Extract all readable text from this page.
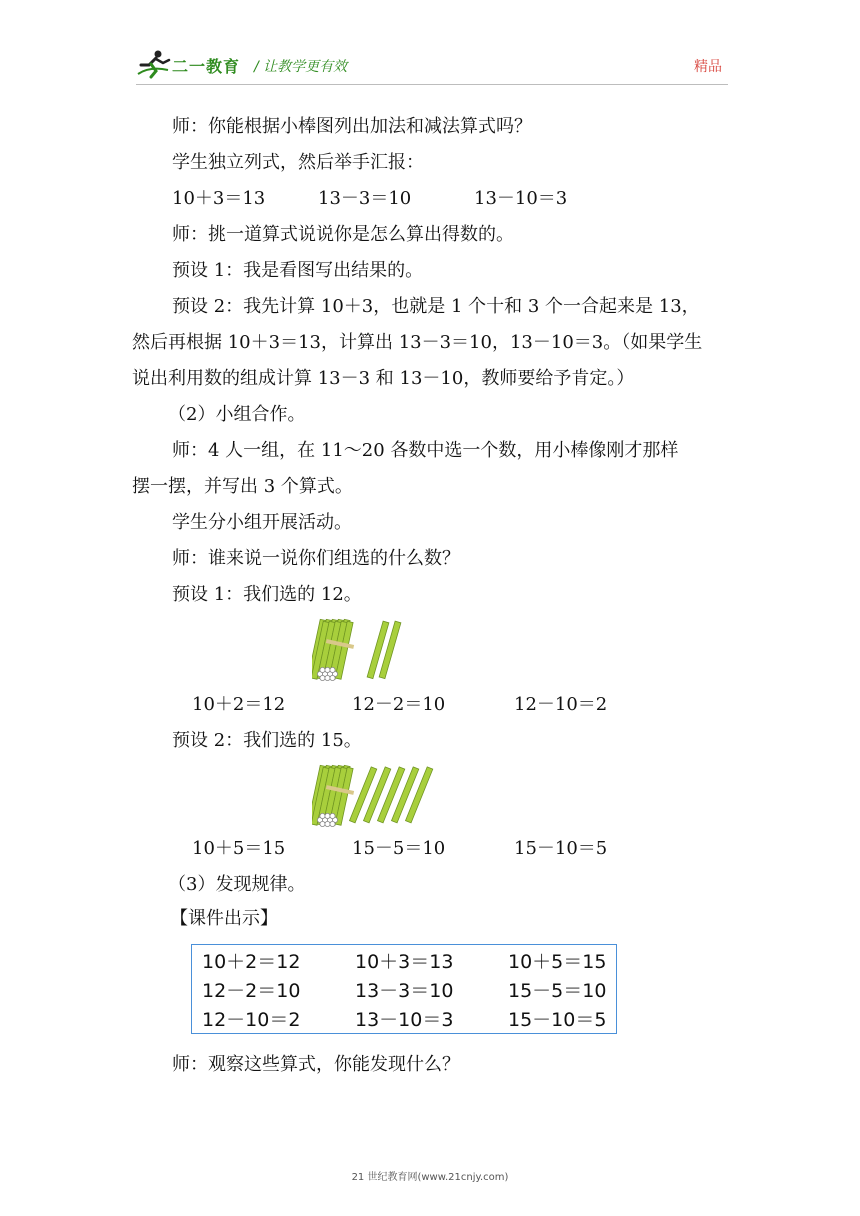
二一教育 / 让教学更有效	精品
师：你能根据小棒图列出加法和减法算式吗？
学生独立列式，然后举手汇报：
10＋3＝13	13－3＝10	13－10＝3
师：挑一道算式说说你是怎么算出得数的。
预设 1：我是看图写出结果的。
预设 2：我先计算 10＋3，也就是 1 个十和 3 个一合起来是 13，
然后再根据 10＋3＝13，计算出 13－3＝10，13－10＝3。（如果学生
说出利用数的组成计算 13－3 和 13－10，教师要给予肯定。）
（2）小组合作。
师：4 人一组，在 11～20 各数中选一个数，用小棒像刚才那样
摆一摆，并写出 3 个算式。
学生分小组开展活动。
师：谁来说一说你们组选的什么数？
预设 1：我们选的 12。
10＋2＝12	12－2＝10	12－10＝2
预设 2：我们选的 15。
10＋5＝15	15－5＝10	15－10＝5
（3）发现规律。
【课件出示】
10＋2＝12	10＋3＝13	10＋5＝15
12－2＝10	13－3＝10	15－5＝10
12－10＝2	13－10＝3	15－10＝5
师：观察这些算式，你能发现什么？
21 世纪教育网(www.21cnjy.com)
